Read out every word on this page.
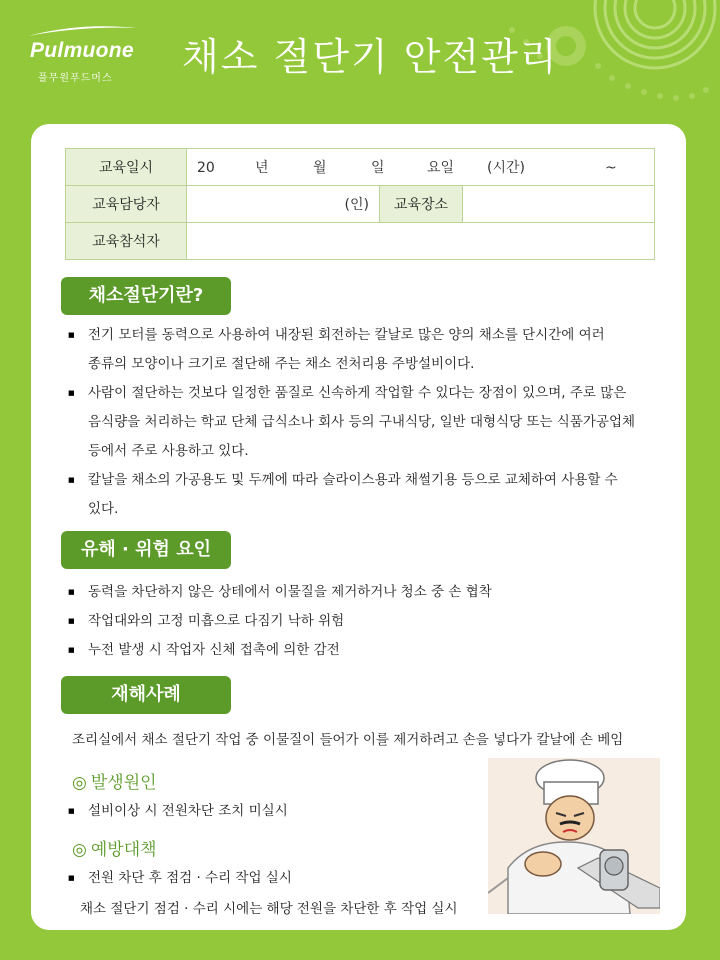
Pulmuone
풀무원푸드머스 채소 절단기 안전관리
교육일시	20 년 월 일 요일 (시간) ~		
교육담당자	(인)	교육장소	
교육참석자			
채소절단기란?
■ 전기 모터를 동력으로 사용하여 내장된 회전하는 칼날로 많은 양의 채소를 단시간에 여러
종류의 모양이나 크기로 절단해 주는 채소 전처리용 주방설비이다.
■ 사람이 절단하는 것보다 일정한 품질로 신속하게 작업할 수 있다는 장점이 있으며, 주로 많은
음식량을 처리하는 학교 단체 급식소나 회사 등의 구내식당, 일반 대형식당 또는 식품가공업체
등에서 주로 사용하고 있다.
■ 칼날을 채소의 가공용도 및 두께에 따라 슬라이스용과 채썰기용 등으로 교체하여 사용할 수
있다.
유해 · 위험 요인
■ 동력을 차단하지 않은 상테에서 이물질을 제거하거나 청소 중 손 협착
■ 작업대와의 고정 미흡으로 다짐기 낙하 위험
■ 누전 발생 시 작업자 신체 접촉에 의한 감전
재해사례
조리실에서 채소 절단기 작업 중 이물질이 들어가 이를 제거하려고 손을 넣다가 칼날에 손 베임
◎ 발생원인
■ 설비이상 시 전원차단 조치 미실시
◎ 예방대책
■ 전원 차단 후 점검 · 수리 작업 실시
채소 절단기 점검 · 수리 시에는 해당 전원을 차단한 후 작업 실시
